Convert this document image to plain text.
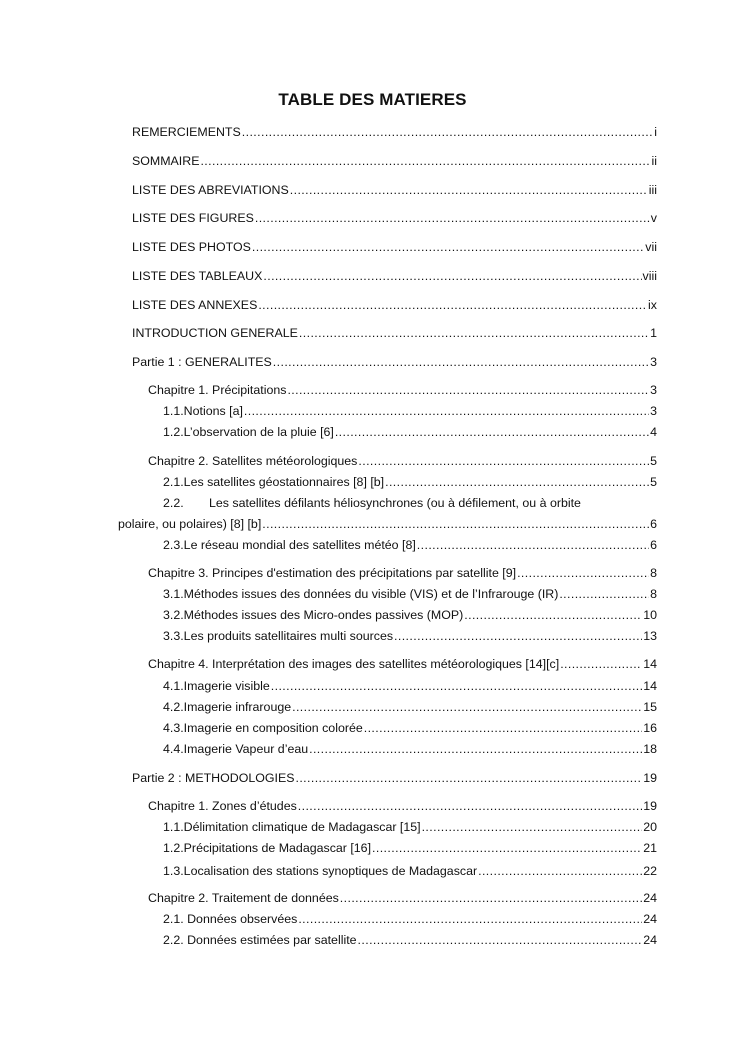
TABLE DES MATIERES
REMERCIEMENTS .....	i
SOMMAIRE .....	ii
LISTE DES ABREVIATIONS .....	iii
LISTE DES FIGURES .....	v
LISTE DES PHOTOS .....	vii
LISTE DES TABLEAUX .....	viii
LISTE DES ANNEXES .....	ix
INTRODUCTION GENERALE .....	1
Partie 1 : GENERALITES .....	3
Chapitre 1. Précipitations .....	3
1.1. Notions [a] .....	3
1.2. L’observation de la pluie [6] .....	4
Chapitre 2. Satellites météorologiques .....	5
2.1. Les satellites géostationnaires [8] [b] .....	5
2.2. Les satellites défilants héliosynchrones (ou à défilement, ou à orbite
polaire, ou polaires) [8] [b] .....	6
2.3. Le réseau mondial des satellites météo [8] .....	6
Chapitre 3. Principes d'estimation des précipitations par satellite [9] .....	8
3.1. Méthodes issues des données du visible (VIS) et de l’Infrarouge (IR) .....	8
3.2. Méthodes issues des Micro-ondes passives (MOP) .....	10
3.3. Les produits satellitaires multi sources .....	13
Chapitre 4. Interprétation des images des satellites météorologiques [14][c] .....	14
4.1. Imagerie visible .....	14
4.2. Imagerie infrarouge .....	15
4.3. Imagerie en composition colorée .....	16
4.4. Imagerie Vapeur d’eau .....	18
Partie 2 : METHODOLOGIES .....	19
Chapitre 1. Zones d’études .....	19
1.1. Délimitation climatique de Madagascar [15] .....	20
1.2. Précipitations de Madagascar [16] .....	21
1.3. Localisation des stations synoptiques de Madagascar .....	22
Chapitre 2. Traitement de données .....	24
2.1. Données observées .....	24
2.2. Données estimées par satellite .....	24
